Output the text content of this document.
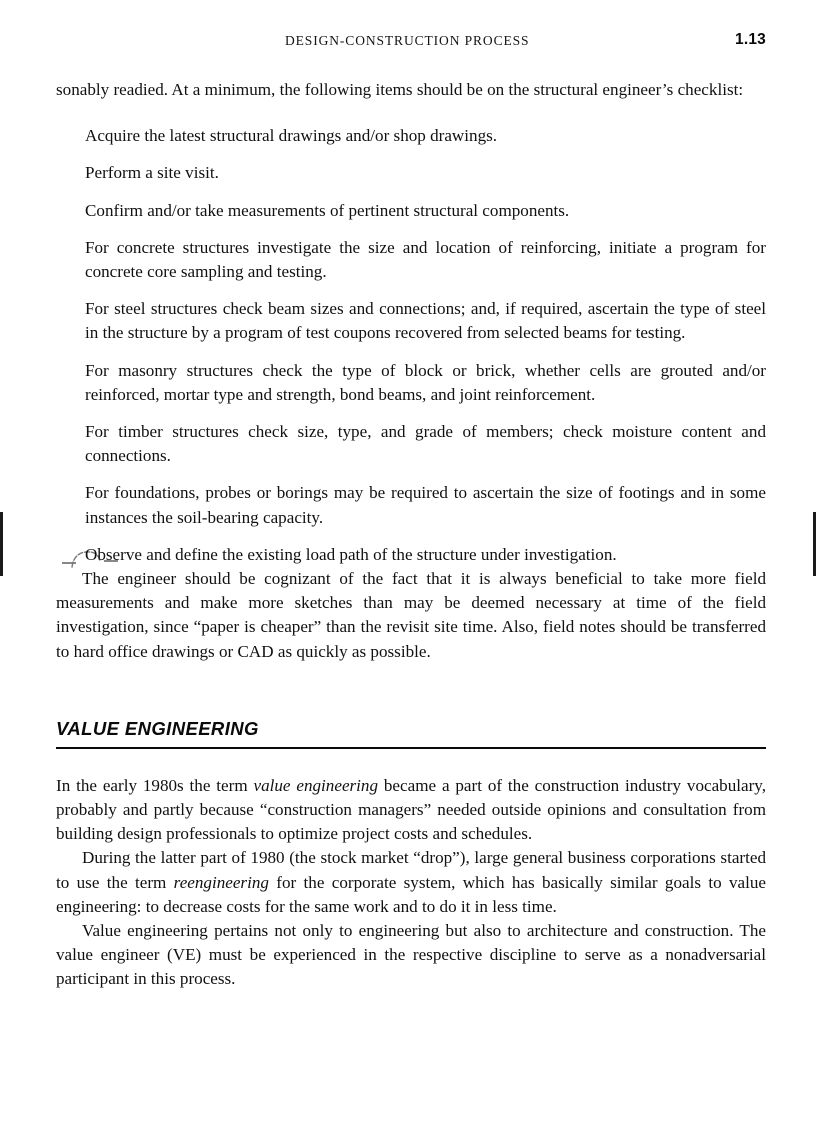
DESIGN-CONSTRUCTION PROCESS	1.13

sonably readied. At a minimum, the following items should be on the structural engineer’s checklist:

Acquire the latest structural drawings and/or shop drawings.
Perform a site visit.
Confirm and/or take measurements of pertinent structural components.
For concrete structures investigate the size and location of reinforcing, initiate a program for concrete core sampling and testing.
For steel structures check beam sizes and connections; and, if required, ascertain the type of steel in the structure by a program of test coupons recovered from selected beams for testing.
For masonry structures check the type of block or brick, whether cells are grouted and/or reinforced, mortar type and strength, bond beams, and joint reinforcement.
For timber structures check size, type, and grade of members; check moisture content and connections.
For foundations, probes or borings may be required to ascertain the size of footings and in some instances the soil-bearing capacity.
Observe and define the existing load path of the structure under investigation.

The engineer should be cognizant of the fact that it is always beneficial to take more field measurements and make more sketches than may be deemed necessary at time of the field investigation, since “paper is cheaper” than the revisit site time. Also, field notes should be transferred to hard office drawings or CAD as quickly as possible.

VALUE ENGINEERING

In the early 1980s the term value engineering became a part of the construction industry vocabulary, probably and partly because “construction managers” needed outside opinions and consultation from building design professionals to optimize project costs and schedules.

During the latter part of 1980 (the stock market “drop”), large general business corporations started to use the term reengineering for the corporate system, which has basically similar goals to value engineering: to decrease costs for the same work and to do it in less time.

Value engineering pertains not only to engineering but also to architecture and construction. The value engineer (VE) must be experienced in the respective discipline to serve as a nonadversarial participant in this process.
